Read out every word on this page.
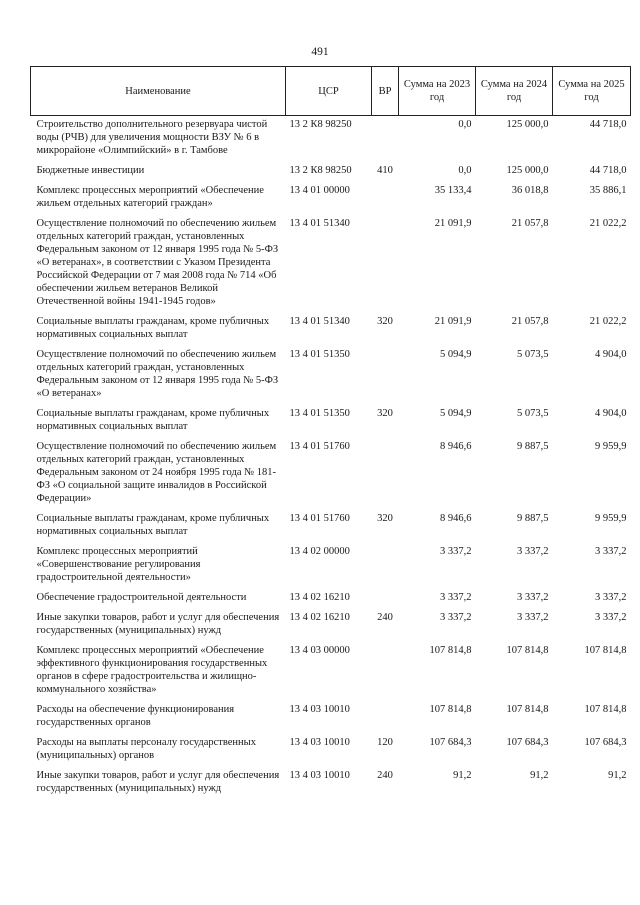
491
Наименование	ЦСР	ВР	Сумма на 2023 год	Сумма на 2024 год	Сумма на 2025 год
Строительство дополнительного резервуара чистой воды (РЧВ) для увеличения мощности ВЗУ № 6 в микрорайоне «Олимпийский» в г. Тамбове	13 2 К8 98250		0,0	125 000,0	44 718,0
Бюджетные инвестиции	13 2 К8 98250	410	0,0	125 000,0	44 718,0
Комплекс процессных мероприятий «Обеспечение жильем отдельных категорий граждан»	13 4 01 00000		35 133,4	36 018,8	35 886,1
Осуществление полномочий по обеспечению жильем отдельных категорий граждан, установленных Федеральным законом от 12 января 1995 года № 5-ФЗ «О ветеранах», в соответствии с Указом Президента Российской Федерации от 7 мая 2008 года № 714 «Об обеспечении жильем ветеранов Великой Отечественной войны 1941-1945 годов»	13 4 01 51340		21 091,9	21 057,8	21 022,2
Социальные выплаты гражданам, кроме публичных нормативных социальных выплат	13 4 01 51340	320	21 091,9	21 057,8	21 022,2
Осуществление полномочий по обеспечению жильем отдельных категорий граждан, установленных Федеральным законом от 12 января 1995 года № 5-ФЗ «О ветеранах»	13 4 01 51350		5 094,9	5 073,5	4 904,0
Социальные выплаты гражданам, кроме публичных нормативных социальных выплат	13 4 01 51350	320	5 094,9	5 073,5	4 904,0
Осуществление полномочий по обеспечению жильем отдельных категорий граждан, установленных Федеральным законом от 24 ноября 1995 года № 181-ФЗ «О социальной защите инвалидов в Российской Федерации»	13 4 01 51760		8 946,6	9 887,5	9 959,9
Социальные выплаты гражданам, кроме публичных нормативных социальных выплат	13 4 01 51760	320	8 946,6	9 887,5	9 959,9
Комплекс процессных мероприятий «Совершенствование регулирования градостроительной деятельности»	13 4 02 00000		3 337,2	3 337,2	3 337,2
Обеспечение градостроительной деятельности	13 4 02 16210		3 337,2	3 337,2	3 337,2
Иные закупки товаров, работ и услуг для обеспечения государственных (муниципальных) нужд	13 4 02 16210	240	3 337,2	3 337,2	3 337,2
Комплекс процессных мероприятий «Обеспечение эффективного функционирования государственных органов в сфере градостроительства и жилищно-коммунального хозяйства»	13 4 03 00000		107 814,8	107 814,8	107 814,8
Расходы на обеспечение функционирования государственных органов	13 4 03 10010		107 814,8	107 814,8	107 814,8
Расходы на выплаты персоналу государственных (муниципальных) органов	13 4 03 10010	120	107 684,3	107 684,3	107 684,3
Иные закупки товаров, работ и услуг для обеспечения государственных (муниципальных) нужд	13 4 03 10010	240	91,2	91,2	91,2
